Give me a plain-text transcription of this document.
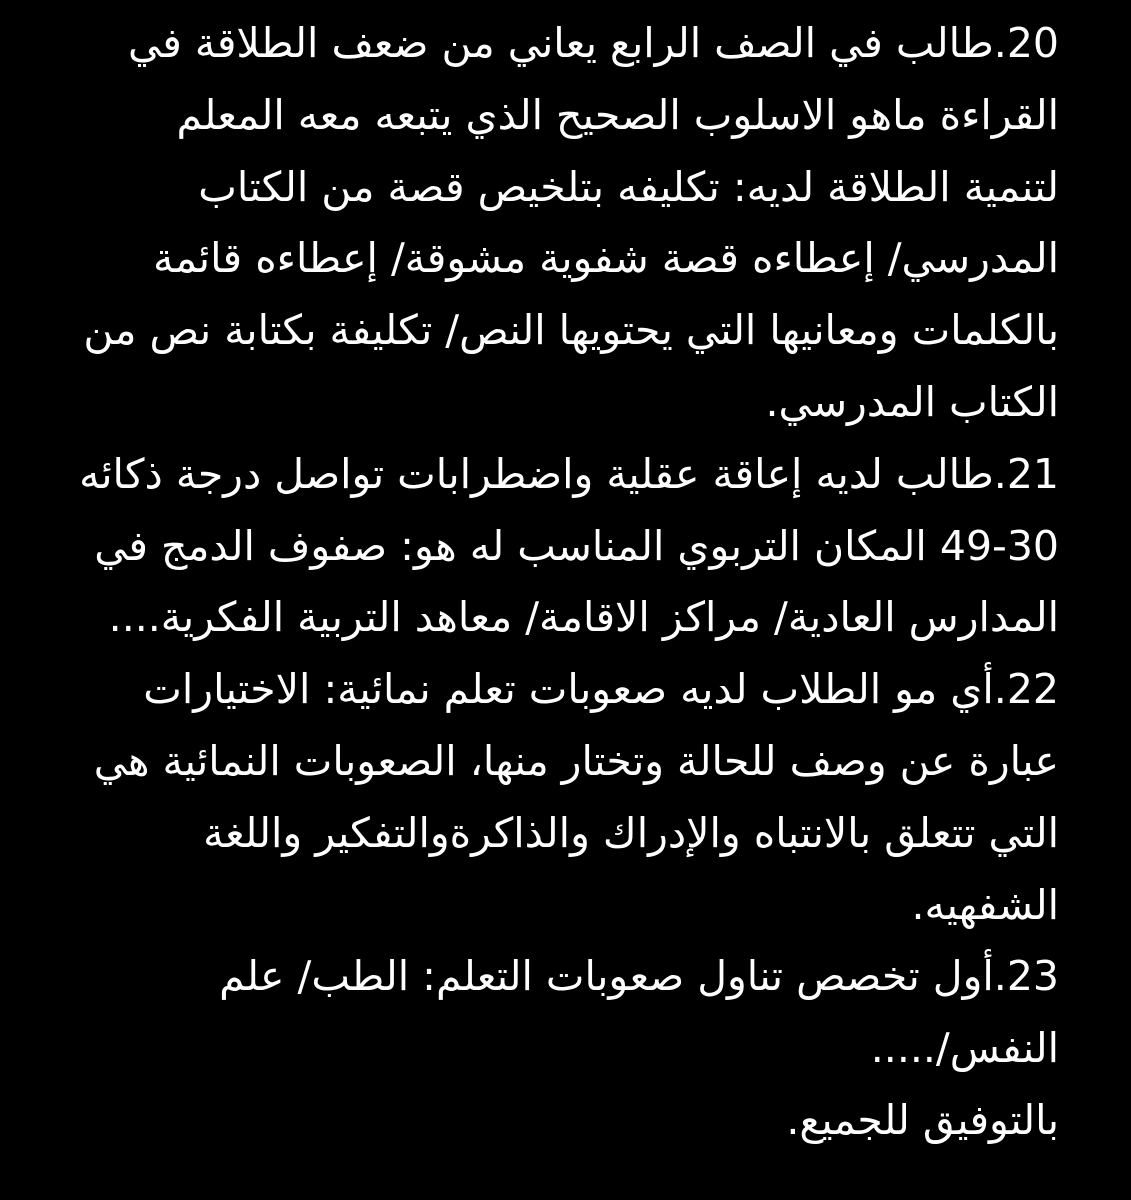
20.طالب في الصف الرابع يعاني من ضعف الطلاقة في القراءة ماهو الاسلوب الصحيح الذي يتبعه معه المعلم لتنمية الطلاقة لديه: تكليفه بتلخيص قصة من الكتاب المدرسي/ إعطاءه قصة شفوية مشوقة/ إعطاءه قائمة بالكلمات ومعانيها التي يحتويها النص/ تكليفة بكتابة نص من الكتاب المدرسي.

21.طالب لديه إعاقة عقلية واضطرابات تواصل درجة ذكائه 30-49 المكان التربوي المناسب له هو: صفوف الدمج في المدارس العادية/ مراكز الاقامة/ معاهد التربية الفكرية....

22.أي مو الطلاب لديه صعوبات تعلم نمائية: الاختيارات عبارة عن وصف للحالة وتختار منها، الصعوبات النمائية هي التي تتعلق بالانتباه والإدراك والذاكرةوالتفكير واللغة الشفهيه.

23.أول تخصص تناول صعوبات التعلم: الطب/ علم النفس/.....

بالتوفيق للجميع.
